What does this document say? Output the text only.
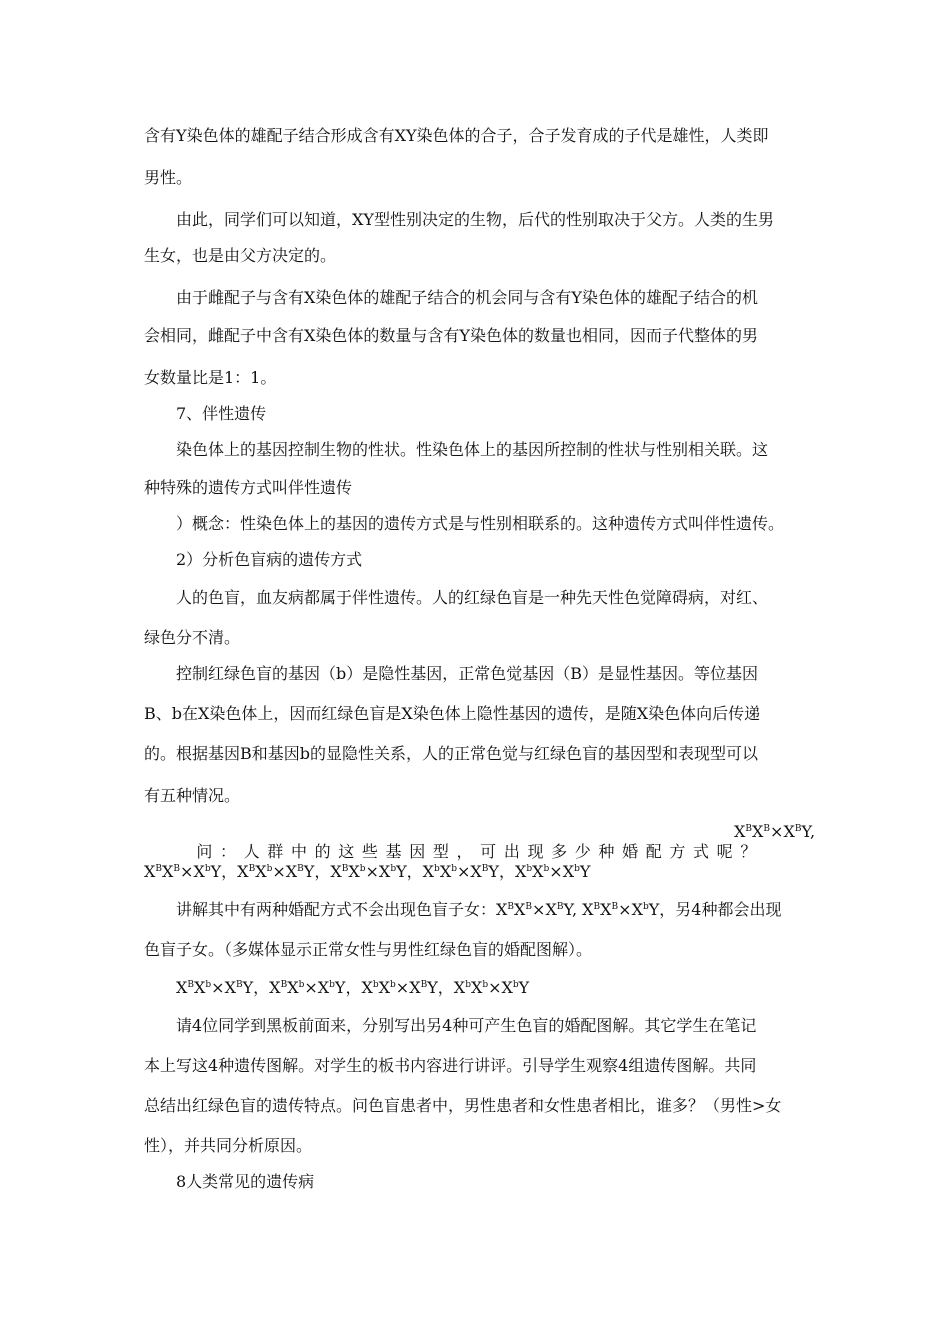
含有Y染色体的雄配子结合形成含有XY染色体的合子，合子发育成的子代是雄性，人类即
男性。
由此，同学们可以知道，XY型性别决定的生物，后代的性别取决于父方。人类的生男
生女，也是由父方决定的。
由于雌配子与含有X染色体的雄配子结合的机会同与含有Y染色体的雄配子结合的机
会相同，雌配子中含有X染色体的数量与含有Y染色体的数量也相同，因而子代整体的男
女数量比是1：1。
7、伴性遗传
染色体上的基因控制生物的性状。性染色体上的基因所控制的性状与性别相关联。这
种特殊的遗传方式叫伴性遗传
）概念：性染色体上的基因的遗传方式是与性别相联系的。这种遗传方式叫伴性遗传。
2）分析色盲病的遗传方式
人的色盲，血友病都属于伴性遗传。人的红绿色盲是一种先天性色觉障碍病，对红、
绿色分不清。
控制红绿色盲的基因（b）是隐性基因，正常色觉基因（B）是显性基因。等位基因
B、b在X染色体上，因而红绿色盲是X染色体上隐性基因的遗传，是随X染色体向后传递
的。根据基因B和基因b的显隐性关系，人的正常色觉与红绿色盲的基因型和表现型可以
有五种情况。

问：人群中的这些基因型，可出现多少种婚配方式呢？

$X^BX^B\times X^BY$,
$X^BX^B\times X^bY$，$X^BX^b\times X^BY$，$X^BX^b\times X^bY$，$X^bX^b\times X^BY$，$X^bX^b\times X^bY$
讲解其中有两种婚配方式不会出现色盲子女：$X^BX^B\times X^BY$, $X^BX^B\times X^bY$，另4种都会出现
色盲子女。（多媒体显示正常女性与男性红绿色盲的婚配图解）。
$X^BX^b\times X^BY$，$X^BX^b\times X^bY$，$X^bX^b\times X^BY$，$X^bX^b\times X^bY$
请4位同学到黑板前面来，分别写出另4种可产生色盲的婚配图解。其它学生在笔记
本上写这4种遗传图解。对学生的板书内容进行讲评。引导学生观察4组遗传图解。共同
总结出红绿色盲的遗传特点。问色盲患者中，男性患者和女性患者相比，谁多？（男性>女
性），并共同分析原因。
8人类常见的遗传病
